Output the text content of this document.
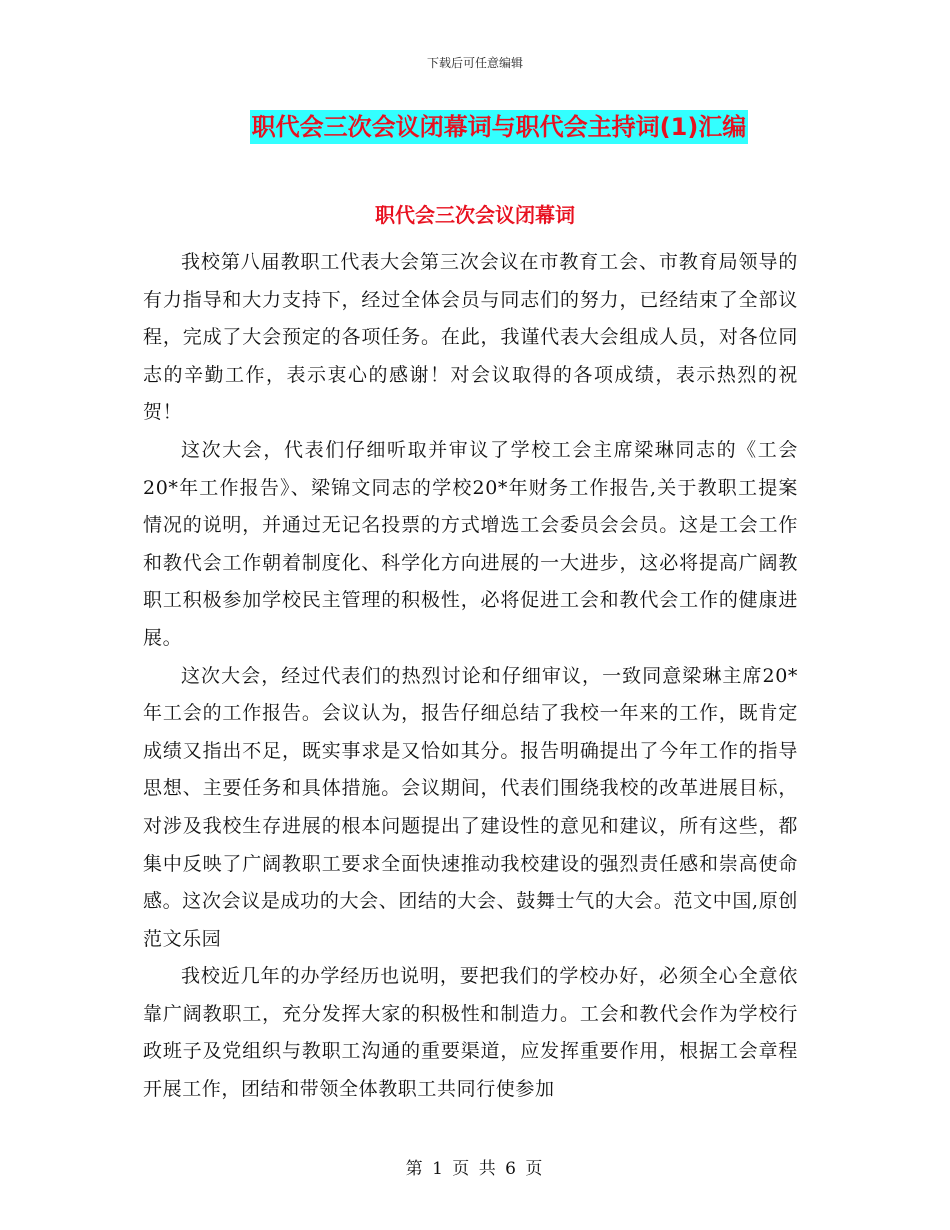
下载后可任意编辑
职代会三次会议闭幕词与职代会主持词(1)汇编
职代会三次会议闭幕词

我校第八届教职工代表大会第三次会议在市教育工会、市教育局领导的有力指导和大力支持下，经过全体会员与同志们的努力，已经结束了全部议程，完成了大会预定的各项任务。在此，我谨代表大会组成人员，对各位同志的辛勤工作，表示衷心的感谢！对会议取得的各项成绩，表示热烈的祝贺！

这次大会，代表们仔细听取并审议了学校工会主席梁琳同志的《工会20*年工作报告》、梁锦文同志的学校20*年财务工作报告,关于教职工提案情况的说明，并通过无记名投票的方式增选工会委员会会员。这是工会工作和教代会工作朝着制度化、科学化方向进展的一大进步，这必将提高广阔教职工积极参加学校民主管理的积极性，必将促进工会和教代会工作的健康进展。

这次大会，经过代表们的热烈讨论和仔细审议，一致同意梁琳主席20*年工会的工作报告。会议认为，报告仔细总结了我校一年来的工作，既肯定成绩又指出不足，既实事求是又恰如其分。报告明确提出了今年工作的指导思想、主要任务和具体措施。会议期间，代表们围绕我校的改革进展目标，对涉及我校生存进展的根本问题提出了建设性的意见和建议，所有这些，都集中反映了广阔教职工要求全面快速推动我校建设的强烈责任感和崇高使命感。这次会议是成功的大会、团结的大会、鼓舞士气的大会。范文中国,原创范文乐园

我校近几年的办学经历也说明，要把我们的学校办好，必须全心全意依靠广阔教职工，充分发挥大家的积极性和制造力。工会和教代会作为学校行政班子及党组织与教职工沟通的重要渠道，应发挥重要作用，根据工会章程开展工作，团结和带领全体教职工共同行使参加

第 1 页 共 6 页
